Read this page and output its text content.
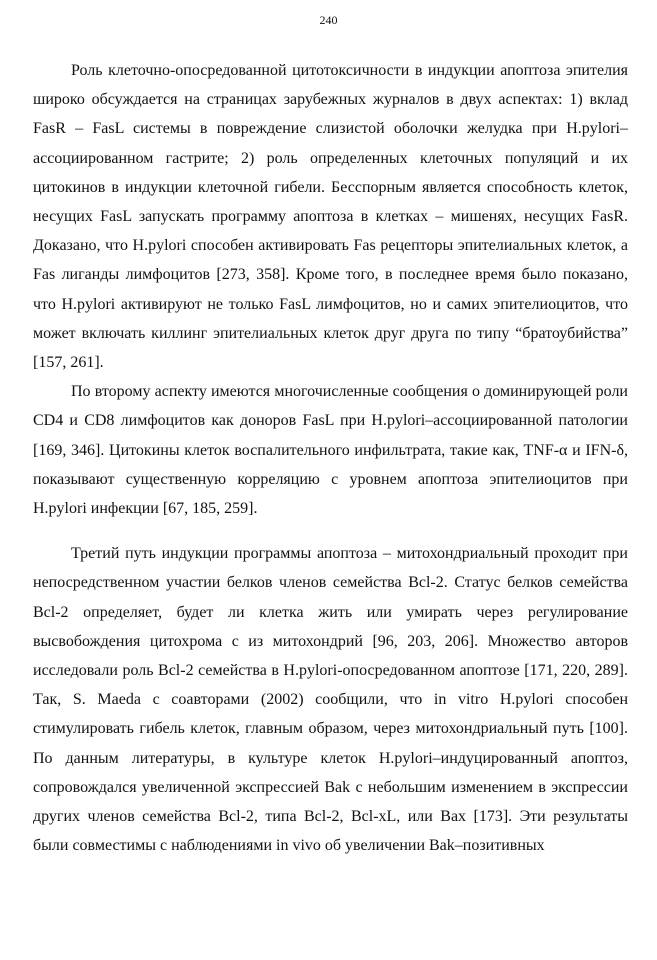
240

Роль клеточно-опосредованной цитотоксичности в индукции апоптоза эпителия широко обсуждается на страницах зарубежных журналов в двух аспектах: 1) вклад FasR – FasL системы в повреждение слизистой оболочки желудка при H.pylori–ассоциированном гастрите; 2) роль определенных клеточных популяций и их цитокинов в индукции клеточной гибели. Бесспорным является способность клеток, несущих FasL запускать программу апоптоза в клетках – мишенях, несущих FasR. Доказано, что H.pylori способен активировать Fas рецепторы эпителиальных клеток, а Fas лиганды лимфоцитов [273, 358]. Кроме того, в последнее время было показано, что H.pylori активируют не только FasL лимфоцитов, но и самих эпителиоцитов, что может включать киллинг эпителиальных клеток друг друга по типу “братоубийства” [157, 261].

По второму аспекту имеются многочисленные сообщения о доминирующей роли CD4 и CD8 лимфоцитов как доноров FasL при H.pylori–ассоциированной патологии [169, 346]. Цитокины клеток воспалительного инфильтрата, такие как, TNF-α и IFN-δ, показывают существенную корреляцию с уровнем апоптоза эпителиоцитов при H.pylori инфекции [67, 185, 259].

Третий путь индукции программы апоптоза – митохондриальный проходит при непосредственном участии белков членов семейства Bcl-2. Статус белков семейства Bcl-2 определяет, будет ли клетка жить или умирать через регулирование высвобождения цитохрома с из митохондрий [96, 203, 206]. Множество авторов исследовали роль Bcl-2 семейства в H.pylori-опосредованном апоптозе [171, 220, 289]. Так, S. Maeda с соавторами (2002) сообщили, что in vitro H.pylori способен стимулировать гибель клеток, главным образом, через митохондриальный путь [100]. По данным литературы, в культуре клеток H.pylori–индуцированный апоптоз, сопровождался увеличенной экспрессией Bak с небольшим изменением в экспрессии других членов семейства Bcl-2, типа Bcl-2, Bcl-xL, или Bax [173]. Эти результаты были совместимы с наблюдениями in vivo об увеличении Bak–позитивных
